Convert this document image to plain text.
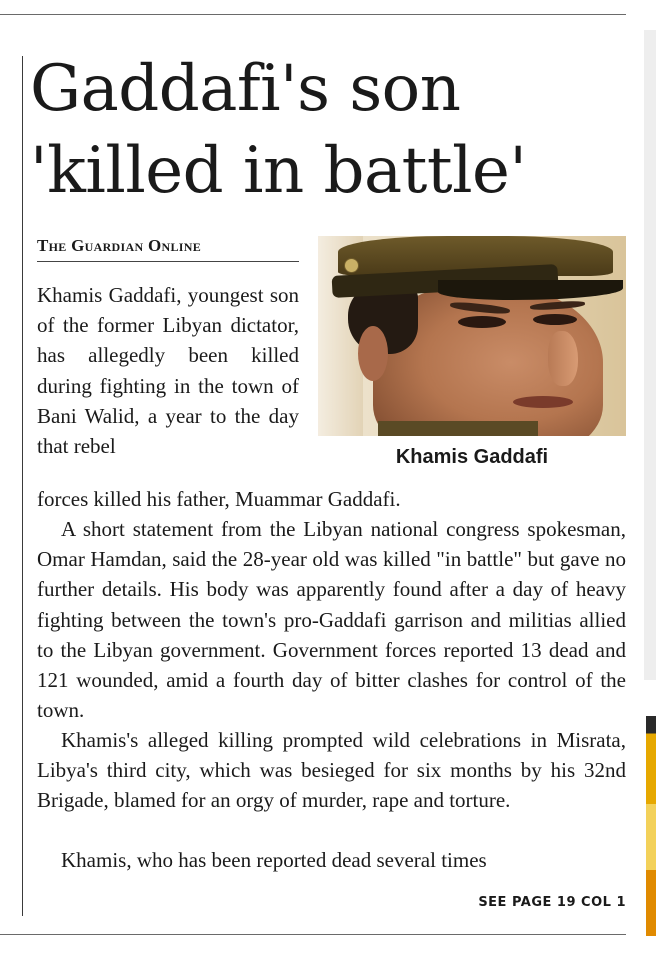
Gaddafi's son 'killed in battle'
The Guardian Online

Khamis Gaddafi

Khamis Gaddafi, youngest son of the former Libyan dictator, has allegedly been killed during fighting in the town of Bani Walid, a year to the day that rebel

forces killed his father, Muammar Gaddafi.

A short statement from the Libyan national congress spokesman, Omar Hamdan, said the 28-year old was killed "in battle" but gave no further details. His body was apparently found after a day of heavy fighting between the town's pro-Gaddafi garrison and militias allied to the Libyan government. Government forces reported 13 dead and 121 wounded, amid a fourth day of bitter clashes for control of the town.

Khamis's alleged killing prompted wild celebrations in Misrata, Libya's third city, which was besieged for six months by his 32nd Brigade, blamed for an orgy of murder, rape and torture.

Khamis, who has been reported dead several times

SEE PAGE 19 COL 1
